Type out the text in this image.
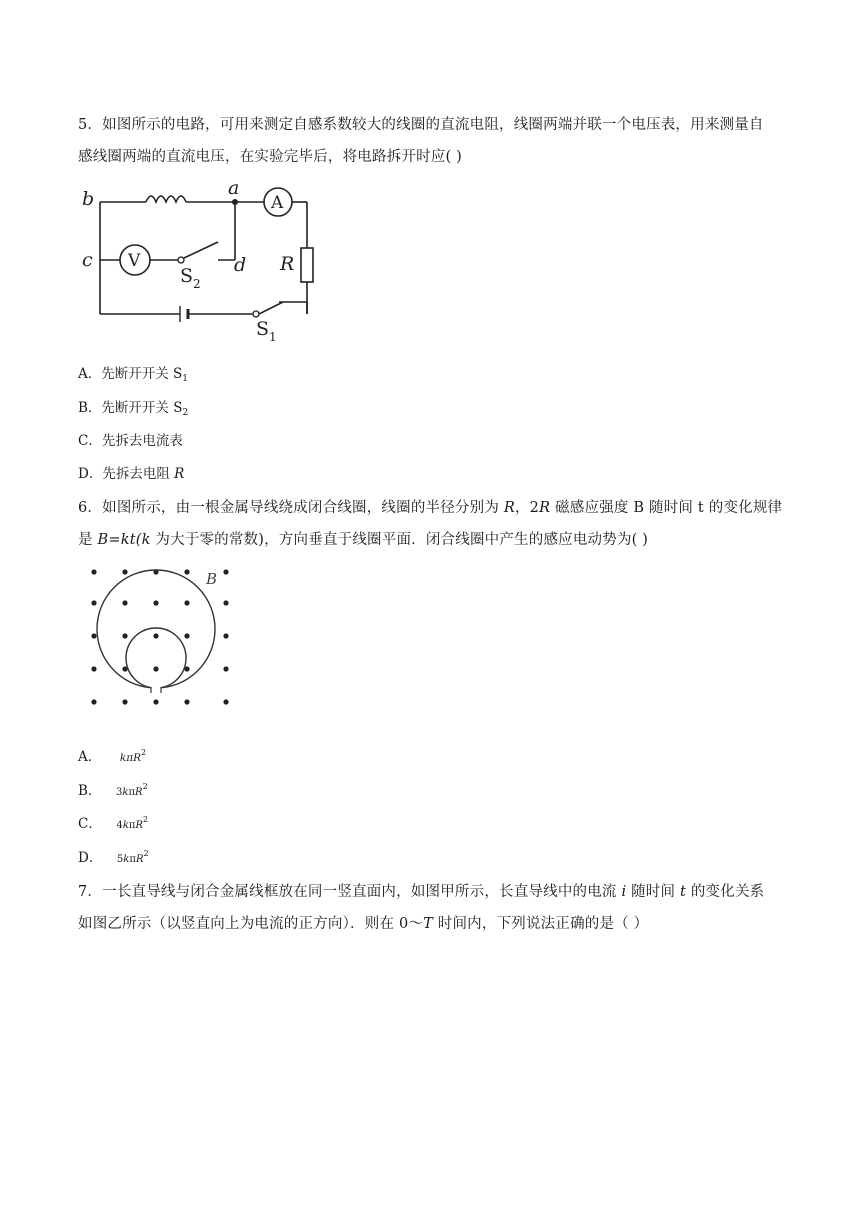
5．如图所示的电路，可用来测定自感系数较大的线圈的直流电阻，线圈两端并联一个电压表，用来测量自
感线圈两端的直流电压，在实验完毕后，将电路拆开时应( )
b	a
c	d R
A
V
S 2
S 1
A．先断开开关 $S_1$
B．先断开开关 $S_2$
C．先拆去电流表
D．先拆去电阻 R
6．如图所示，由一根金属导线绕成闭合线圈，线圈的半径分别为 R，2R 磁感应强度 B 随时间 t 的变化规律
是 B=kt(k 为大于零的常数)，方向垂直于线圈平面．闭合线圈中产生的感应电动势为( )
B
A． kπR$^2$
B． 3kπR$^2$
C． 4kπR$^2$
D． 5kπR$^2$
7．一长直导线与闭合金属线框放在同一竖直面内，如图甲所示，长直导线中的电流 i 随时间 t 的变化关系
如图乙所示（以竖直向上为电流的正方向）．则在 0～T 时间内，下列说法正确的是（ ）
